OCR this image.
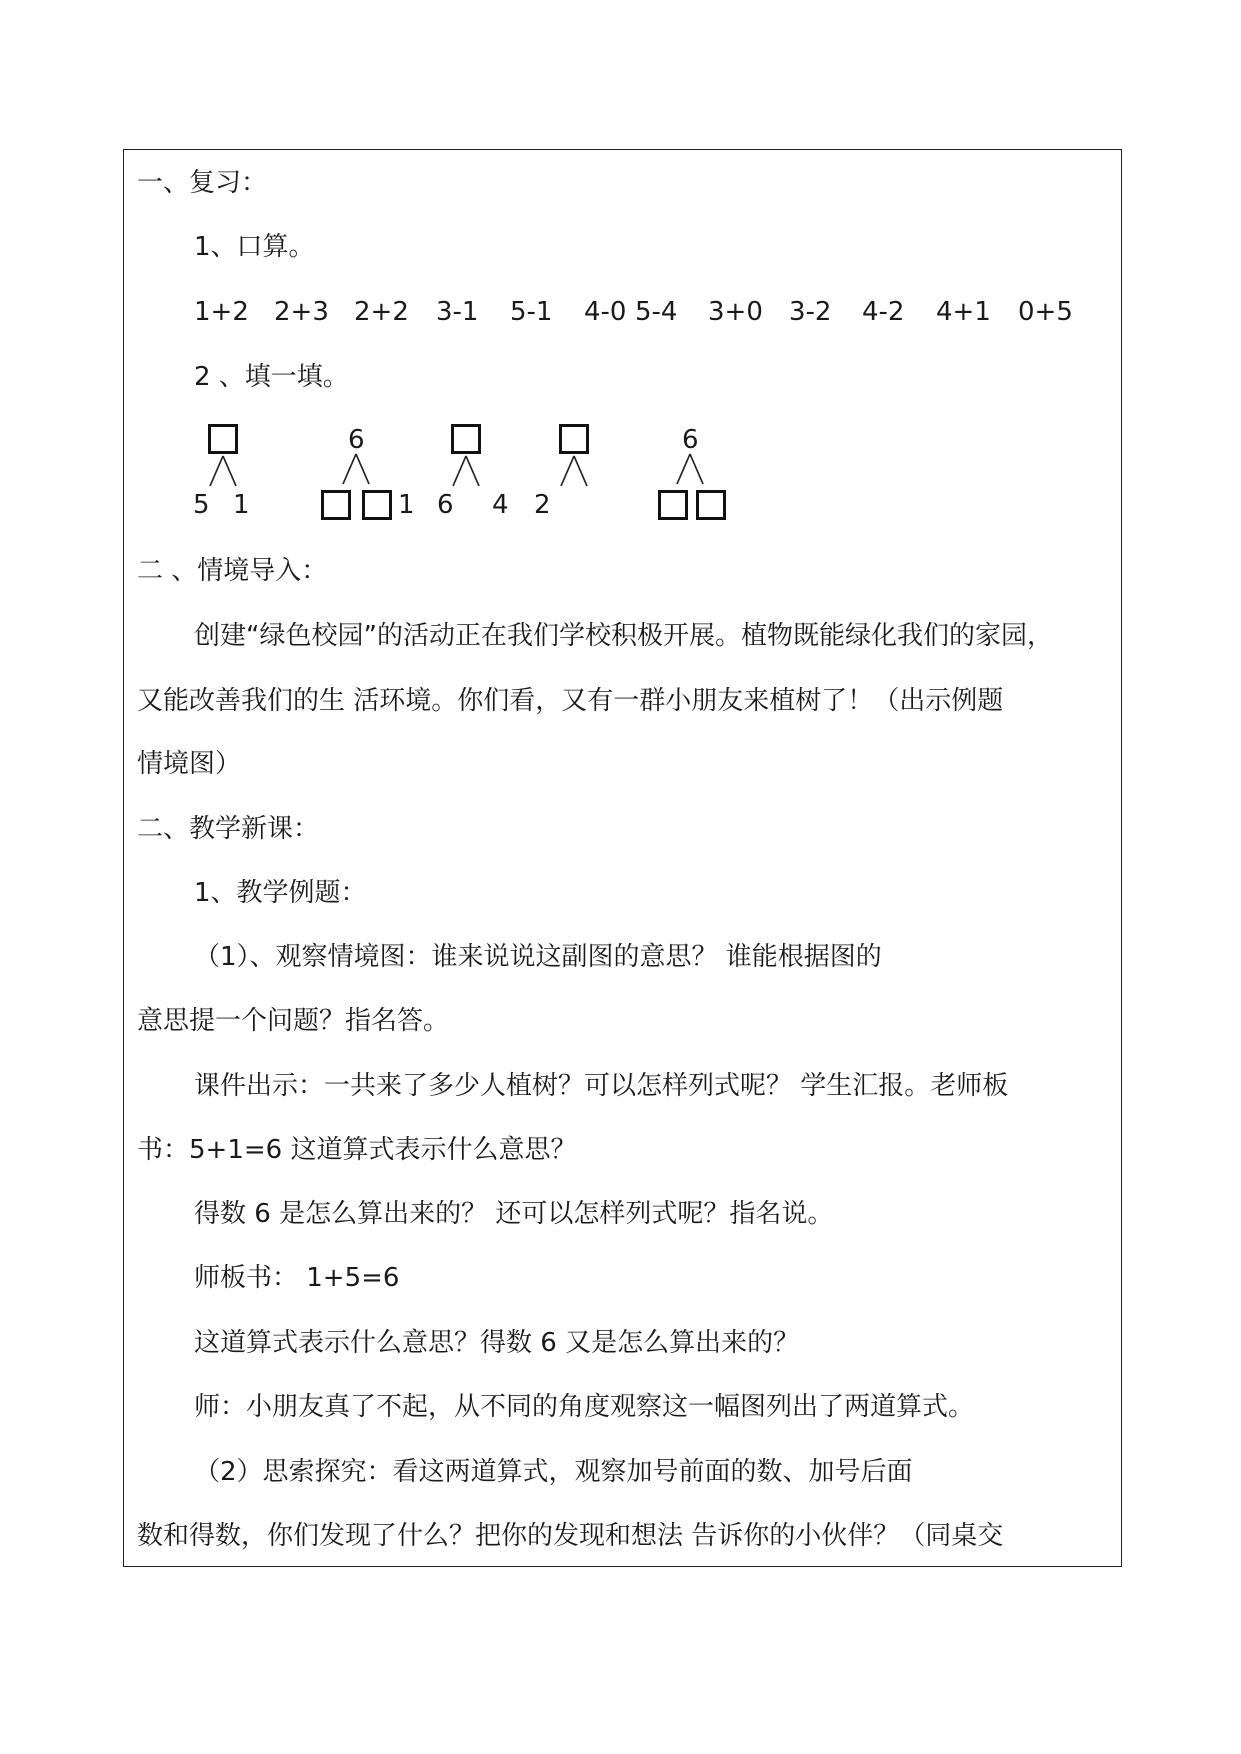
一、复习：
1、口算。
1+2 2+3 2+2 3-1 5-1 4-0 5-4 3+0 3-2 4-2 4+1 0+5
2 、填一填。
5 1
6
1 6 4 2
6
二 、情境导入：
创建“绿色校园”的活动正在我们学校积极开展。植物既能绿化我们的家园，
又能改善我们的生 活环境。你们看，又有一群小朋友来植树了！（出示例题
情境图）
二、教学新课：
1、教学例题：
（1）、观察情境图：谁来说说这副图的意思？ 谁能根据图的
意思提一个问题？指名答。
课件出示：一共来了多少人植树？可以怎样列式呢？ 学生汇报。老师板
书：5+1=6 这道算式表示什么意思？
得数 6 是怎么算出来的？ 还可以怎样列式呢？指名说。
师板书： 1+5=6
这道算式表示什么意思？得数 6 又是怎么算出来的？
师：小朋友真了不起，从不同的角度观察这一幅图列出了两道算式。
（2）思索探究：看这两道算式，观察加号前面的数、加号后面
数和得数，你们发现了什么？把你的发现和想法 告诉你的小伙伴？（同桌交
